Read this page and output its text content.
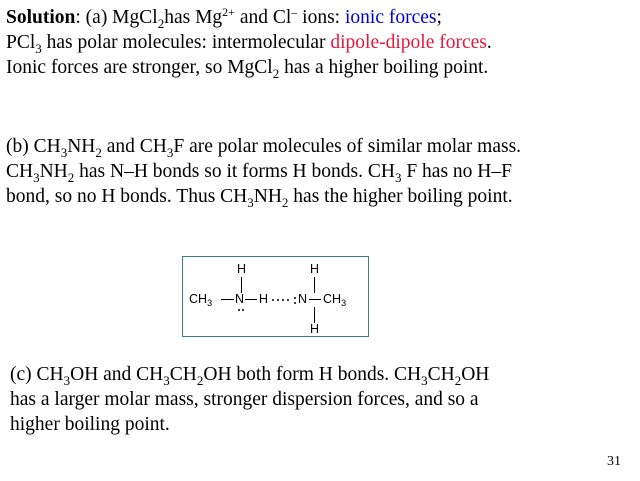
Solution: (a) MgCl$_2$has $Mg^{2+}$ and Cl– ions: ionic forces;
PCl$_3$ has polar molecules: intermolecular dipole-dipole forces.
Ionic forces are stronger, so MgCl$_2$ has a higher boiling point.
(b) $CH_3NH_2$ and $CH_3F$ are polar molecules of similar molar mass.
$CH_3NH_2$ has N–H bonds so it forms H bonds. $CH_3$ F has no H–F
bond, so no H bonds. Thus $CH_3NH_2$ has the higher boiling point.
H
$CH_3$ N H
H
N $CH_3$
H
(c) $CH_3OH$ and $CH_3CH_2OH$ both form H bonds. $CH_3CH_2OH$
has a larger molar mass, stronger dispersion forces, and so a
higher boiling point.
31
